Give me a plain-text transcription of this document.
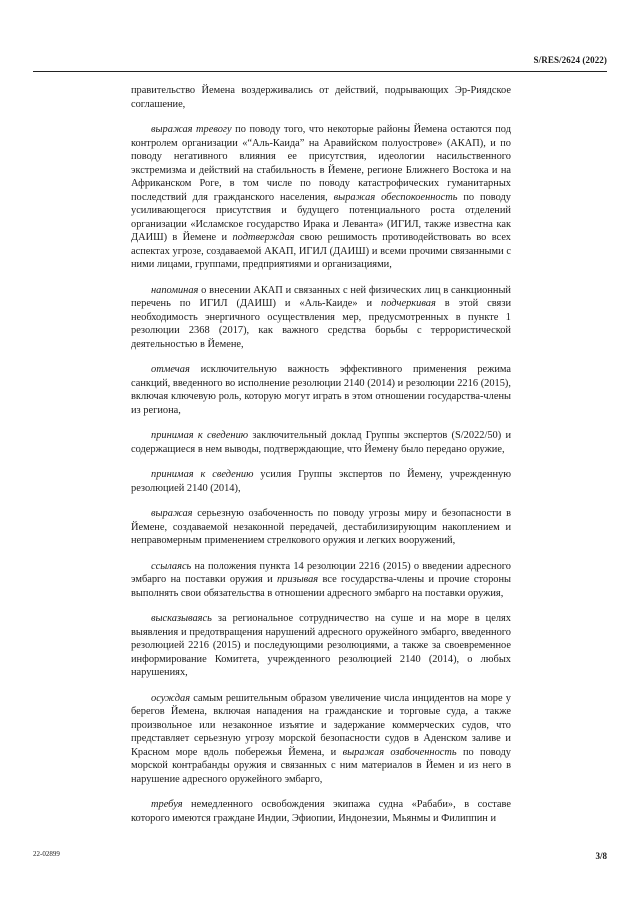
S/RES/2624 (2022)

правительство Йемена воздерживались от действий, подрывающих Эр-Риядское соглашение,

выражая тревогу по поводу того, что некоторые районы Йемена остаются под контролем организации «“Аль-Каида” на Аравийском полуострове» (АКАП), и по поводу негативного влияния ее присутствия, идеологии насильственного экстремизма и действий на стабильность в Йемене, регионе Ближнего Востока и на Африканском Роге, в том числе по поводу катастрофических гуманитарных последствий для гражданского населения, выражая обеспокоенность по поводу усиливающегося присутствия и будущего потенциального роста отделений организации «Исламское государство Ирака и Леванта» (ИГИЛ, также известна как ДАИШ) в Йемене и подтверждая свою решимость противодействовать во всех аспектах угрозе, создаваемой АКАП, ИГИЛ (ДАИШ) и всеми прочими связанными с ними лицами, группами, предприятиями и организациями,

напоминая о внесении АКАП и связанных с ней физических лиц в санкционный перечень по ИГИЛ (ДАИШ) и «Аль-Каиде» и подчеркивая в этой связи необходимость энергичного осуществления мер, предусмотренных в пункте 1 резолюции 2368 (2017), как важного средства борьбы с террористической деятельностью в Йемене,

отмечая исключительную важность эффективного применения режима санкций, введенного во исполнение резолюции 2140 (2014) и резолюции 2216 (2015), включая ключевую роль, которую могут играть в этом отношении государства-члены из региона,

принимая к сведению заключительный доклад Группы экспертов (S/2022/50) и содержащиеся в нем выводы, подтверждающие, что Йемену было передано оружие,

принимая к сведению усилия Группы экспертов по Йемену, учрежденную резолюцией 2140 (2014),

выражая серьезную озабоченность по поводу угрозы миру и безопасности в Йемене, создаваемой незаконной передачей, дестабилизирующим накоплением и неправомерным применением стрелкового оружия и легких вооружений,

ссылаясь на положения пункта 14 резолюции 2216 (2015) о введении адресного эмбарго на поставки оружия и призывая все государства-члены и прочие стороны выполнять свои обязательства в отношении адресного эмбарго на поставки оружия,

высказываясь за региональное сотрудничество на суше и на море в целях выявления и предотвращения нарушений адресного оружейного эмбарго, введенного резолюцией 2216 (2015) и последующими резолюциями, а также за своевременное информирование Комитета, учрежденного резолюцией 2140 (2014), о любых нарушениях,

осуждая самым решительным образом увеличение числа инцидентов на море у берегов Йемена, включая нападения на гражданские и торговые суда, а также произвольное или незаконное изъятие и задержание коммерческих судов, что представляет серьезную угрозу морской безопасности судов в Аденском заливе и Красном море вдоль побережья Йемена, и выражая озабоченность по поводу морской контрабанды оружия и связанных с ним материалов в Йемен и из него в нарушение адресного оружейного эмбарго,

требуя немедленного освобождения экипажа судна «Рабаби», в составе которого имеются граждане Индии, Эфиопии, Индонезии, Мьянмы и Филиппин и

22-02899	3/8
